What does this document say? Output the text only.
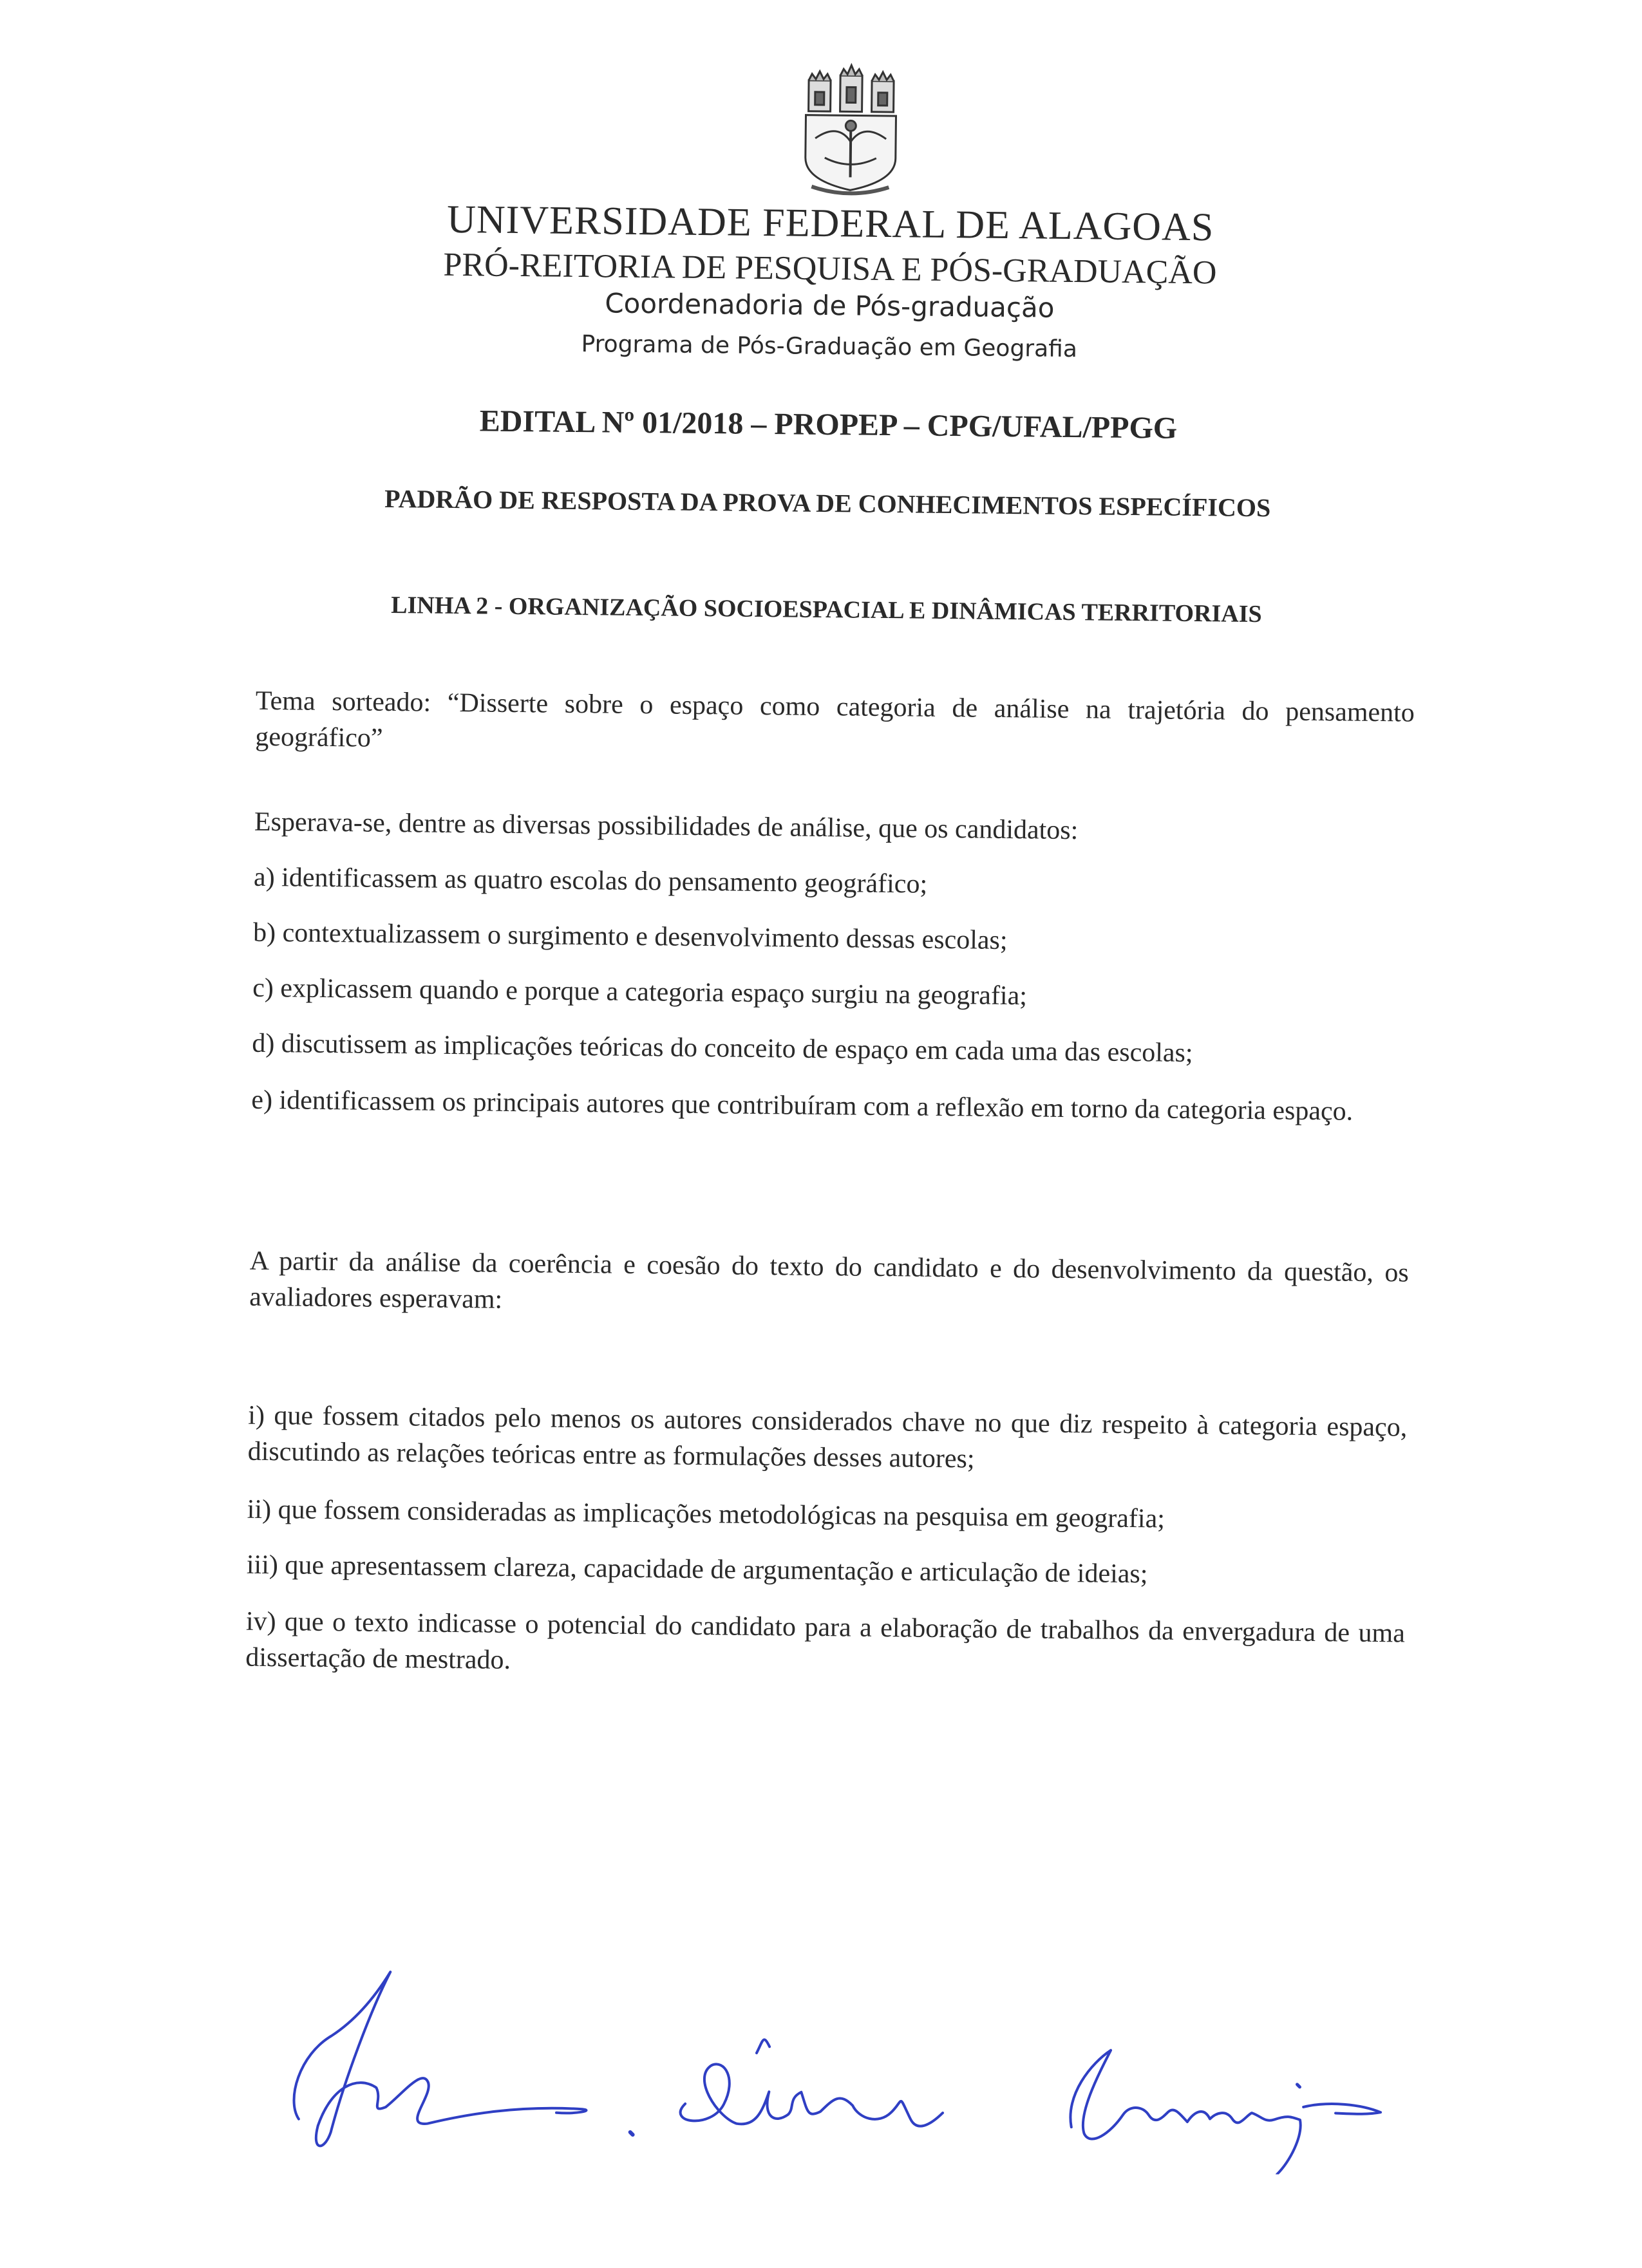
UNIVERSIDADE FEDERAL DE ALAGOAS
PRÓ-REITORIA DE PESQUISA E PÓS-GRADUAÇÃO
Coordenadoria de Pós-graduação
Programa de Pós-Graduação em Geografia
EDITAL Nº 01/2018 – PROPEP – CPG/UFAL/PPGG
PADRÃO DE RESPOSTA DA PROVA DE CONHECIMENTOS ESPECÍFICOS
LINHA 2 - ORGANIZAÇÃO SOCIOESPACIAL E DINÂMICAS TERRITORIAIS
Tema sorteado: “Disserte sobre o espaço como categoria de análise na trajetória do pensamento geográfico”
Esperava-se, dentre as diversas possibilidades de análise, que os candidatos:
a) identificassem as quatro escolas do pensamento geográfico;
b) contextualizassem o surgimento e desenvolvimento dessas escolas;
c) explicassem quando e porque a categoria espaço surgiu na geografia;
d) discutissem as implicações teóricas do conceito de espaço em cada uma das escolas;
e) identificassem os principais autores que contribuíram com a reflexão em torno da categoria espaço.
A partir da análise da coerência e coesão do texto do candidato e do desenvolvimento da questão, os avaliadores esperavam:
i) que fossem citados pelo menos os autores considerados chave no que diz respeito à categoria espaço, discutindo as relações teóricas entre as formulações desses autores;
ii) que fossem consideradas as implicações metodológicas na pesquisa em geografia;
iii) que apresentassem clareza, capacidade de argumentação e articulação de ideias;
iv) que o texto indicasse o potencial do candidato para a elaboração de trabalhos da envergadura de uma dissertação de mestrado.
